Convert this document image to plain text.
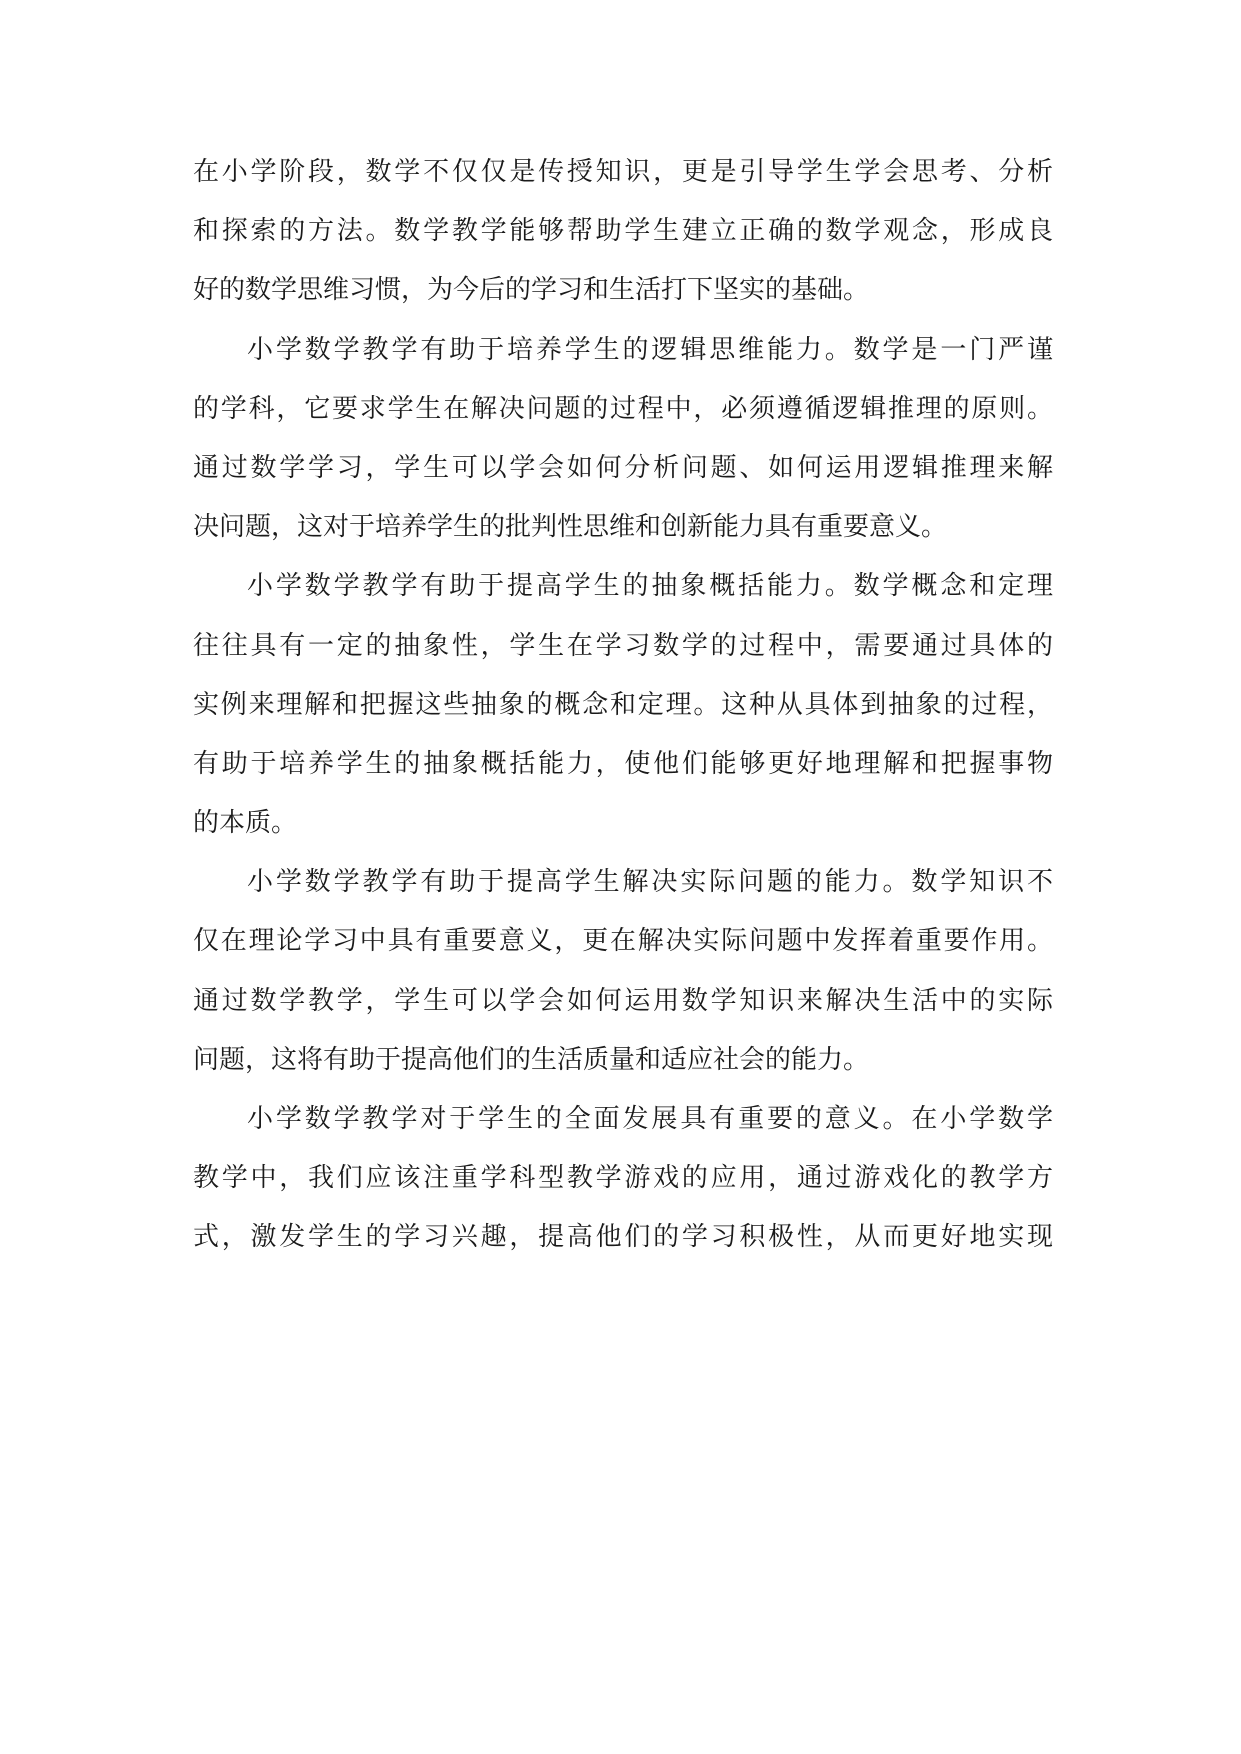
在小学阶段，数学不仅仅是传授知识，更是引导学生学会思考、分析
和探索的方法。数学教学能够帮助学生建立正确的数学观念，形成良
好的数学思维习惯，为今后的学习和生活打下坚实的基础。
小学数学教学有助于培养学生的逻辑思维能力。数学是一门严谨
的学科，它要求学生在解决问题的过程中，必须遵循逻辑推理的原则。
通过数学学习，学生可以学会如何分析问题、如何运用逻辑推理来解
决问题，这对于培养学生的批判性思维和创新能力具有重要意义。
小学数学教学有助于提高学生的抽象概括能力。数学概念和定理
往往具有一定的抽象性，学生在学习数学的过程中，需要通过具体的
实例来理解和把握这些抽象的概念和定理。这种从具体到抽象的过程，
有助于培养学生的抽象概括能力，使他们能够更好地理解和把握事物
的本质。
小学数学教学有助于提高学生解决实际问题的能力。数学知识不
仅在理论学习中具有重要意义，更在解决实际问题中发挥着重要作用。
通过数学教学，学生可以学会如何运用数学知识来解决生活中的实际
问题，这将有助于提高他们的生活质量和适应社会的能力。
小学数学教学对于学生的全面发展具有重要的意义。在小学数学
教学中，我们应该注重学科型教学游戏的应用，通过游戏化的教学方
式，激发学生的学习兴趣，提高他们的学习积极性，从而更好地实现
